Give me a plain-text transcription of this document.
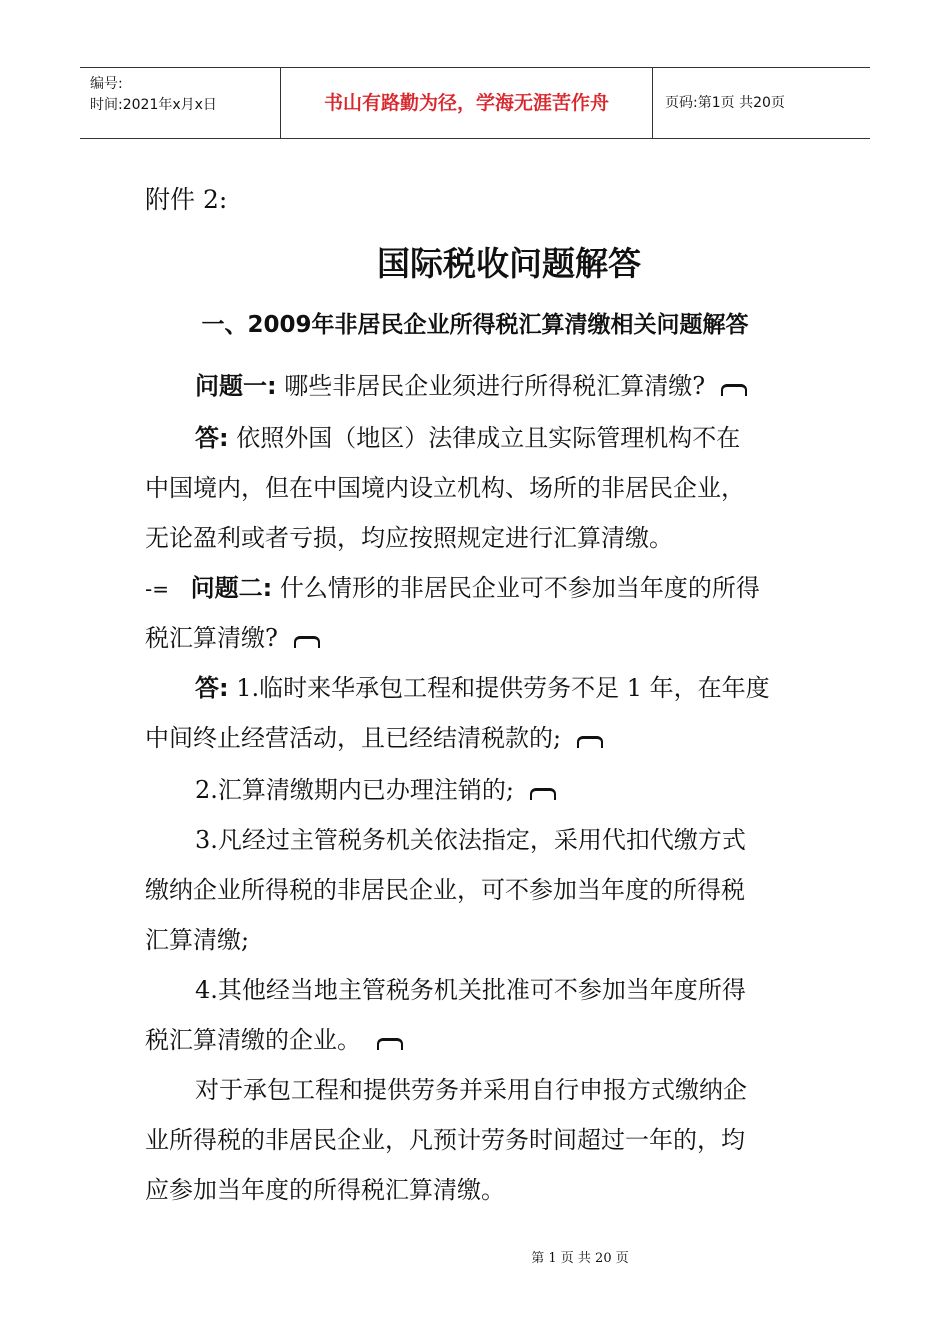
编号:
时间:2021年x月x日	书山有路勤为径，学海无涯苦作舟	页码:第1页 共20页
附件 2:
国际税收问题解答
一、2009年非居民企业所得税汇算清缴相关问题解答
问题一: 哪些非居民企业须进行所得税汇算清缴?
答: 依照外国（地区）法律成立且实际管理机构不在
中国境内，但在中国境内设立机构、场所的非居民企业，
无论盈利或者亏损，均应按照规定进行汇算清缴。
-= 问题二: 什么情形的非居民企业可不参加当年度的所得
税汇算清缴?
答: 1.临时来华承包工程和提供劳务不足 1 年，在年度
中间终止经营活动，且已经结清税款的;
2.汇算清缴期内已办理注销的;
3.凡经过主管税务机关依法指定，采用代扣代缴方式
缴纳企业所得税的非居民企业，可不参加当年度的所得税
汇算清缴;
4.其他经当地主管税务机关批准可不参加当年度所得
税汇算清缴的企业。
对于承包工程和提供劳务并采用自行申报方式缴纳企
业所得税的非居民企业，凡预计劳务时间超过一年的，均
应参加当年度的所得税汇算清缴。
第 1 页 共 20 页
